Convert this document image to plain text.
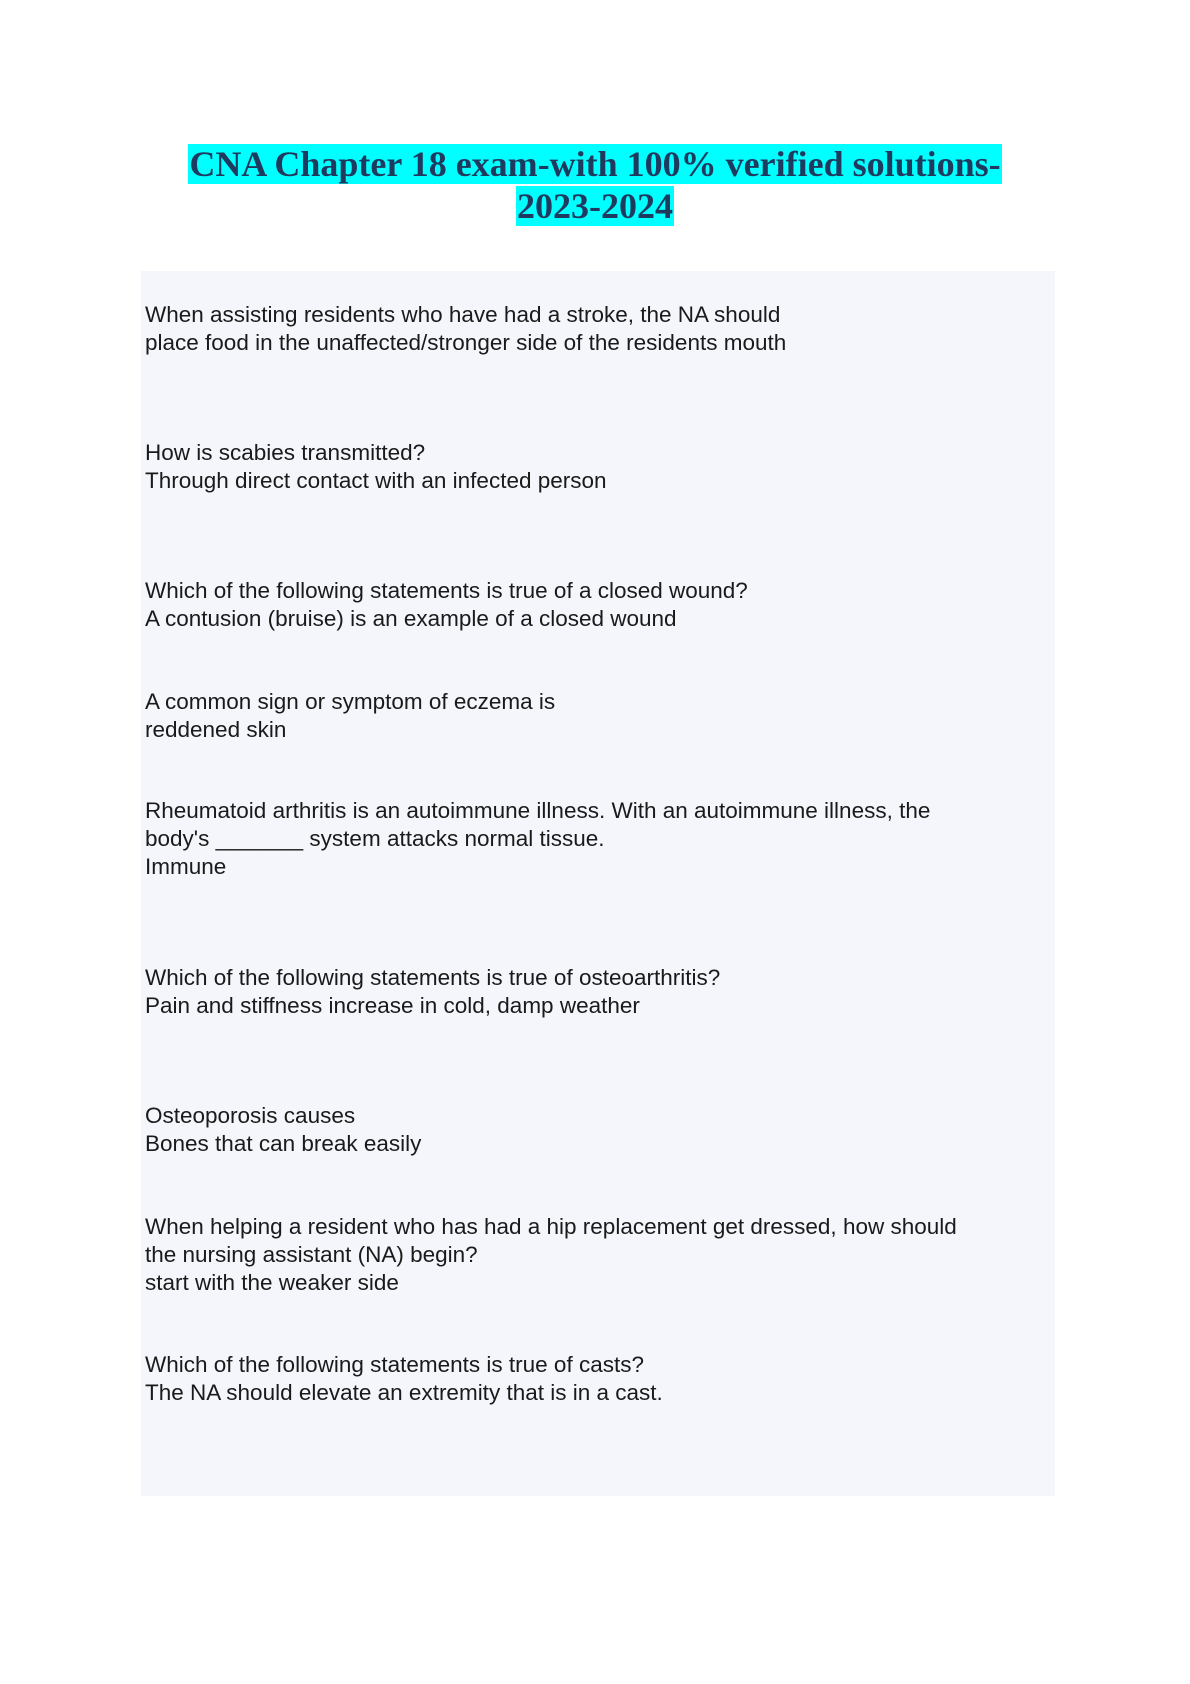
CNA Chapter 18 exam-with 100% verified solutions-
2023-2024
When assisting residents who have had a stroke, the NA should
place food in the unaffected/stronger side of the residents mouth
How is scabies transmitted?
Through direct contact with an infected person
Which of the following statements is true of a closed wound?
A contusion (bruise) is an example of a closed wound
A common sign or symptom of eczema is
reddened skin
Rheumatoid arthritis is an autoimmune illness. With an autoimmune illness, the
body's _______ system attacks normal tissue.
Immune
Which of the following statements is true of osteoarthritis?
Pain and stiffness increase in cold, damp weather
Osteoporosis causes
Bones that can break easily
When helping a resident who has had a hip replacement get dressed, how should
the nursing assistant (NA) begin?
start with the weaker side
Which of the following statements is true of casts?
The NA should elevate an extremity that is in a cast.
